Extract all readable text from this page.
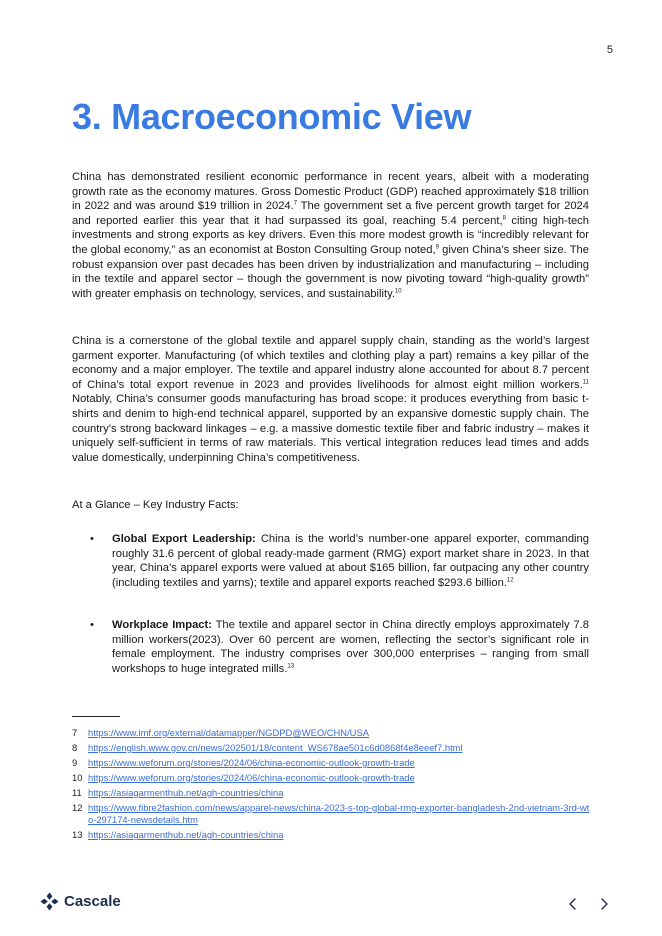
5
3. Macroeconomic View

China has demonstrated resilient economic performance in recent years, albeit with a moderating growth rate as the economy matures. Gross Domestic Product (GDP) reached approximately $18 trillion in 2022 and was around $19 trillion in 2024.$^7$ The government set a five percent growth target for 2024 and reported earlier this year that it had surpassed its goal, reaching 5.4 percent,$^8$ citing high-tech investments and strong exports as key drivers. Even this more modest growth is “incredibly relevant for the global economy,” as an economist at Boston Consulting Group noted,$^9$ given China’s sheer size. The robust expansion over past decades has been driven by industrialization and manufacturing – including in the textile and apparel sector – though the government is now pivoting toward “high-quality growth” with greater emphasis on technology, services, and sustainability.$^{10}$

China is a cornerstone of the global textile and apparel supply chain, standing as the world’s largest garment exporter. Manufacturing (of which textiles and clothing play a part) remains a key pillar of the economy and a major employer. The textile and apparel industry alone accounted for about 8.7 percent of China’s total export revenue in 2023 and provides livelihoods for almost eight million workers.$^{11}$ Notably, China’s consumer goods manufacturing has broad scope: it produces everything from basic t-shirts and denim to high-end technical apparel, supported by an expansive domestic supply chain. The country’s strong backward linkages – e.g. a massive domestic textile fiber and fabric industry – makes it uniquely self-sufficient in terms of raw materials. This vertical integration reduces lead times and adds value domestically, underpinning China’s competitiveness.

At a Glance – Key Industry Facts:

• Global Export Leadership: China is the world’s number-one apparel exporter, commanding roughly 31.6 percent of global ready-made garment (RMG) export market share in 2023. In that year, China’s apparel exports were valued at about $165 billion, far outpacing any other country (including textiles and yarns); textile and apparel exports reached $293.6 billion.$^{12}$
• Workplace Impact: The textile and apparel sector in China directly employs approximately 7.8 million workers(2023). Over 60 percent are women, reflecting the sector’s significant role in female employment. The industry comprises over 300,000 enterprises – ranging from small workshops to huge integrated mills.$^{13}$
7	https://www.imf.org/external/datamapper/NGDPD@WEO/CHN/USA
8	https://english.www.gov.cn/news/202501/18/content_WS678ae501c6d0868f4e8eeef7.html
9	https://www.weforum.org/stories/2024/06/china-economic-outlook-growth-trade
10 https://www.weforum.org/stories/2024/06/china-economic-outlook-growth-trade
11 https://asiagarmenthub.net/agh-countries/china
12 https://www.fibre2fashion.com/news/apparel-news/china-2023-s-top-global-rmg-exporter-bangladesh-2nd-vietnam-3rd-wto-297174-newsdetails.htm
13 https://asiagarmenthub.net/agh-countries/china
Cascale
